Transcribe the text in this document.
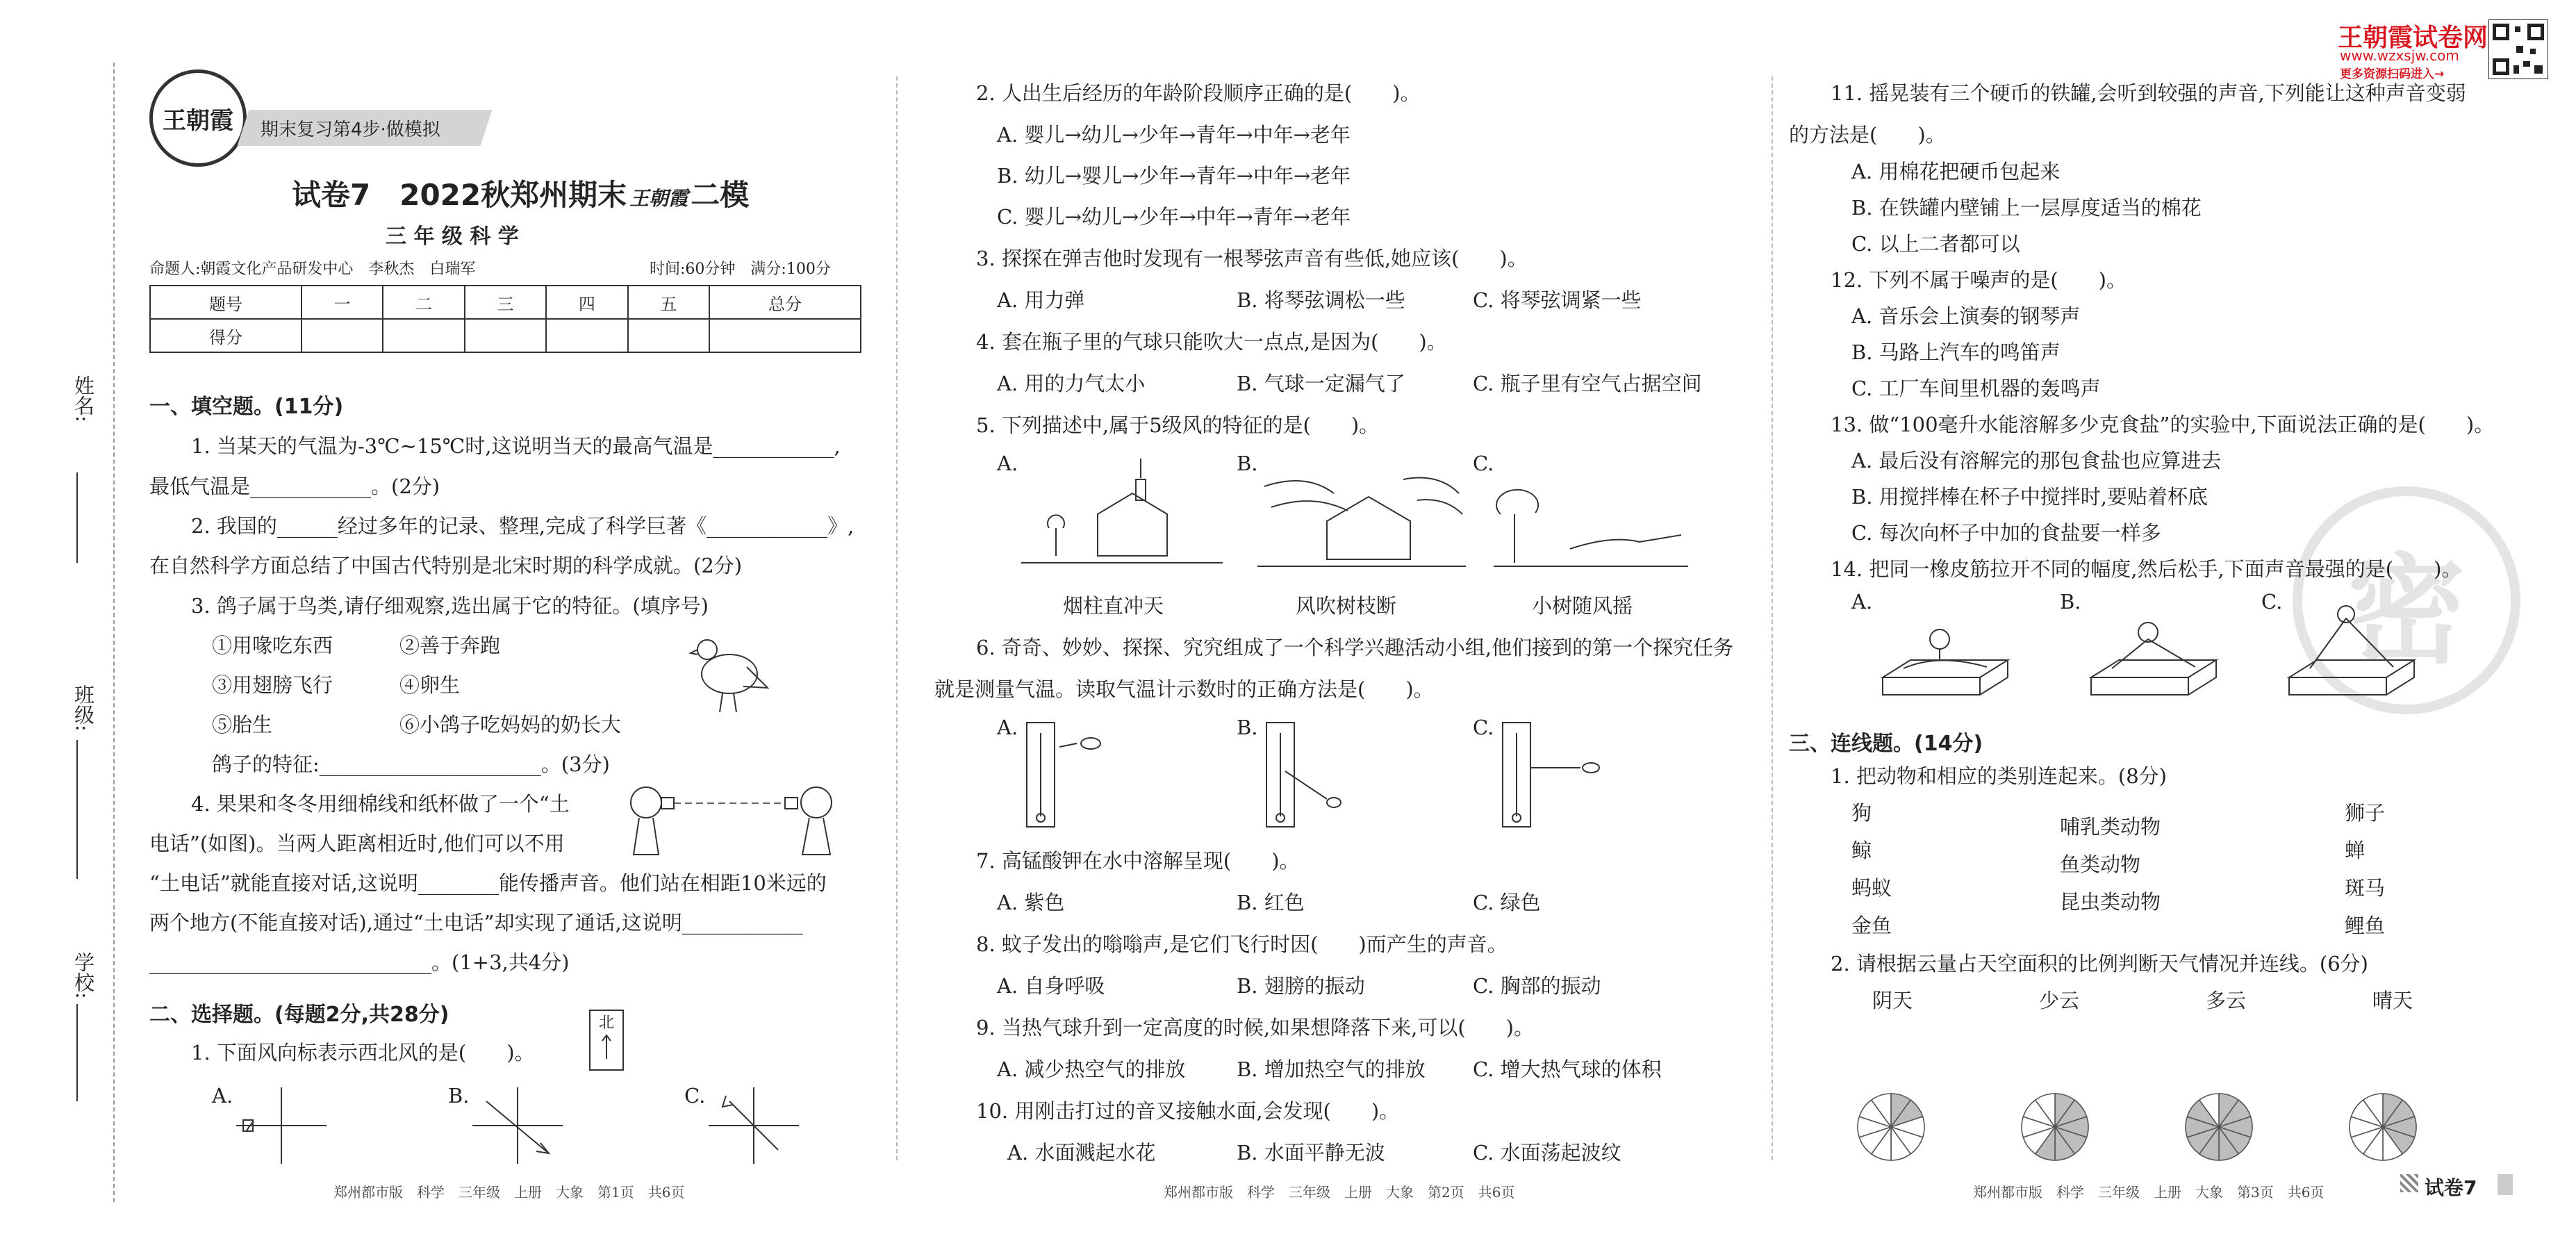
姓名:
班级:
学校:
王朝霞 期末复习第4步·做模拟
试卷7　2022秋郑州期末 王朝霞二模
三 年 级 科 学
命题人:朝霞文化产品研发中心　李秋杰　白瑞军	时间:60分钟　满分:100分
题号	一	二	三	四	五	总分
得分						
一、填空题。(11分)
1. 当某天的气温为-3℃~15℃时,这说明当天的最高气温是____________,
最低气温是____________。(2分)
2. 我国的______经过多年的记录、整理,完成了科学巨著《____________》,
在自然科学方面总结了中国古代特别是北宋时期的科学成就。(2分)
3. 鸽子属于鸟类,请仔细观察,选出属于它的特征。(填序号)
①用喙吃东西	②善于奔跑
③用翅膀飞行	④卵生
⑤胎生	⑥小鸽子吃妈妈的奶长大
鸽子的特征:______________________。(3分)
4. 果果和冬冬用细棉线和纸杯做了一个“土
电话”(如图)。当两人距离相近时,他们可以不用
“土电话”就能直接对话,这说明________能传播声音。他们站在相距10米远的
两个地方(不能直接对话),通过“土电话”却实现了通话,这说明____________
____________________________。(1+3,共4分)
二、选择题。(每题2分,共28分)
1. 下面风向标表示西北风的是(　　)。
北
A.	B.	C.
郑州都市版　科学　三年级　上册　大象　第1页　共6页
2. 人出生后经历的年龄阶段顺序正确的是(　　)。
A. 婴儿→幼儿→少年→青年→中年→老年
B. 幼儿→婴儿→少年→青年→中年→老年
C. 婴儿→幼儿→少年→中年→青年→老年
3. 探探在弹吉他时发现有一根琴弦声音有些低,她应该(　　)。
A. 用力弹	B. 将琴弦调松一些	C. 将琴弦调紧一些
4. 套在瓶子里的气球只能吹大一点点,是因为(　　)。
A. 用的力气太小	B. 气球一定漏气了	C. 瓶子里有空气占据空间
5. 下列描述中,属于5级风的特征的是(　　)。
A.	B.	C.
烟柱直冲天	风吹树枝断	小树随风摇
6. 奇奇、妙妙、探探、究究组成了一个科学兴趣活动小组,他们接到的第一个探究任务
就是测量气温。读取气温计示数时的正确方法是(　　)。
A.	B.	C.
7. 高锰酸钾在水中溶解呈现(　　)。
A. 紫色	B. 红色	C. 绿色
8. 蚊子发出的嗡嗡声,是它们飞行时因(　　)而产生的声音。
A. 自身呼吸	B. 翅膀的振动	C. 胸部的振动
9. 当热气球升到一定高度的时候,如果想降落下来,可以(　　)。
A. 减少热空气的排放	B. 增加热空气的排放 C. 增大热气球的体积
10. 用刚击打过的音叉接触水面,会发现(　　)。
A. 水面溅起水花	B. 水面平静无波	C. 水面荡起波纹
郑州都市版　科学　三年级　上册　大象　第2页　共6页
王朝霞试卷网
www.wzxsjw.com
更多资源扫码进入→
密
11. 摇晃装有三个硬币的铁罐,会听到较强的声音,下列能让这种声音变弱
的方法是(　　)。
A. 用棉花把硬币包起来
B. 在铁罐内壁铺上一层厚度适当的棉花
C. 以上二者都可以
12. 下列不属于噪声的是(　　)。
A. 音乐会上演奏的钢琴声
B. 马路上汽车的鸣笛声
C. 工厂车间里机器的轰鸣声
13. 做“100毫升水能溶解多少克食盐”的实验中,下面说法正确的是(　　)。
A. 最后没有溶解完的那包食盐也应算进去
B. 用搅拌棒在杯子中搅拌时,要贴着杯底
C. 每次向杯子中加的食盐要一样多
14. 把同一橡皮筋拉开不同的幅度,然后松手,下面声音最强的是(　　)。
A.	B.	C.
三、连线题。(14分)
1. 把动物和相应的类别连起来。(8分)
狗
鲸
蚂蚁
金鱼
哺乳类动物
鱼类动物
昆虫类动物
狮子
蝉
斑马
鲤鱼
2. 请根据云量占天空面积的比例判断天气情况并连线。(6分)
阴天	少云	多云	晴天
郑州都市版　科学　三年级　上册　大象　第3页　共6页	试卷7
